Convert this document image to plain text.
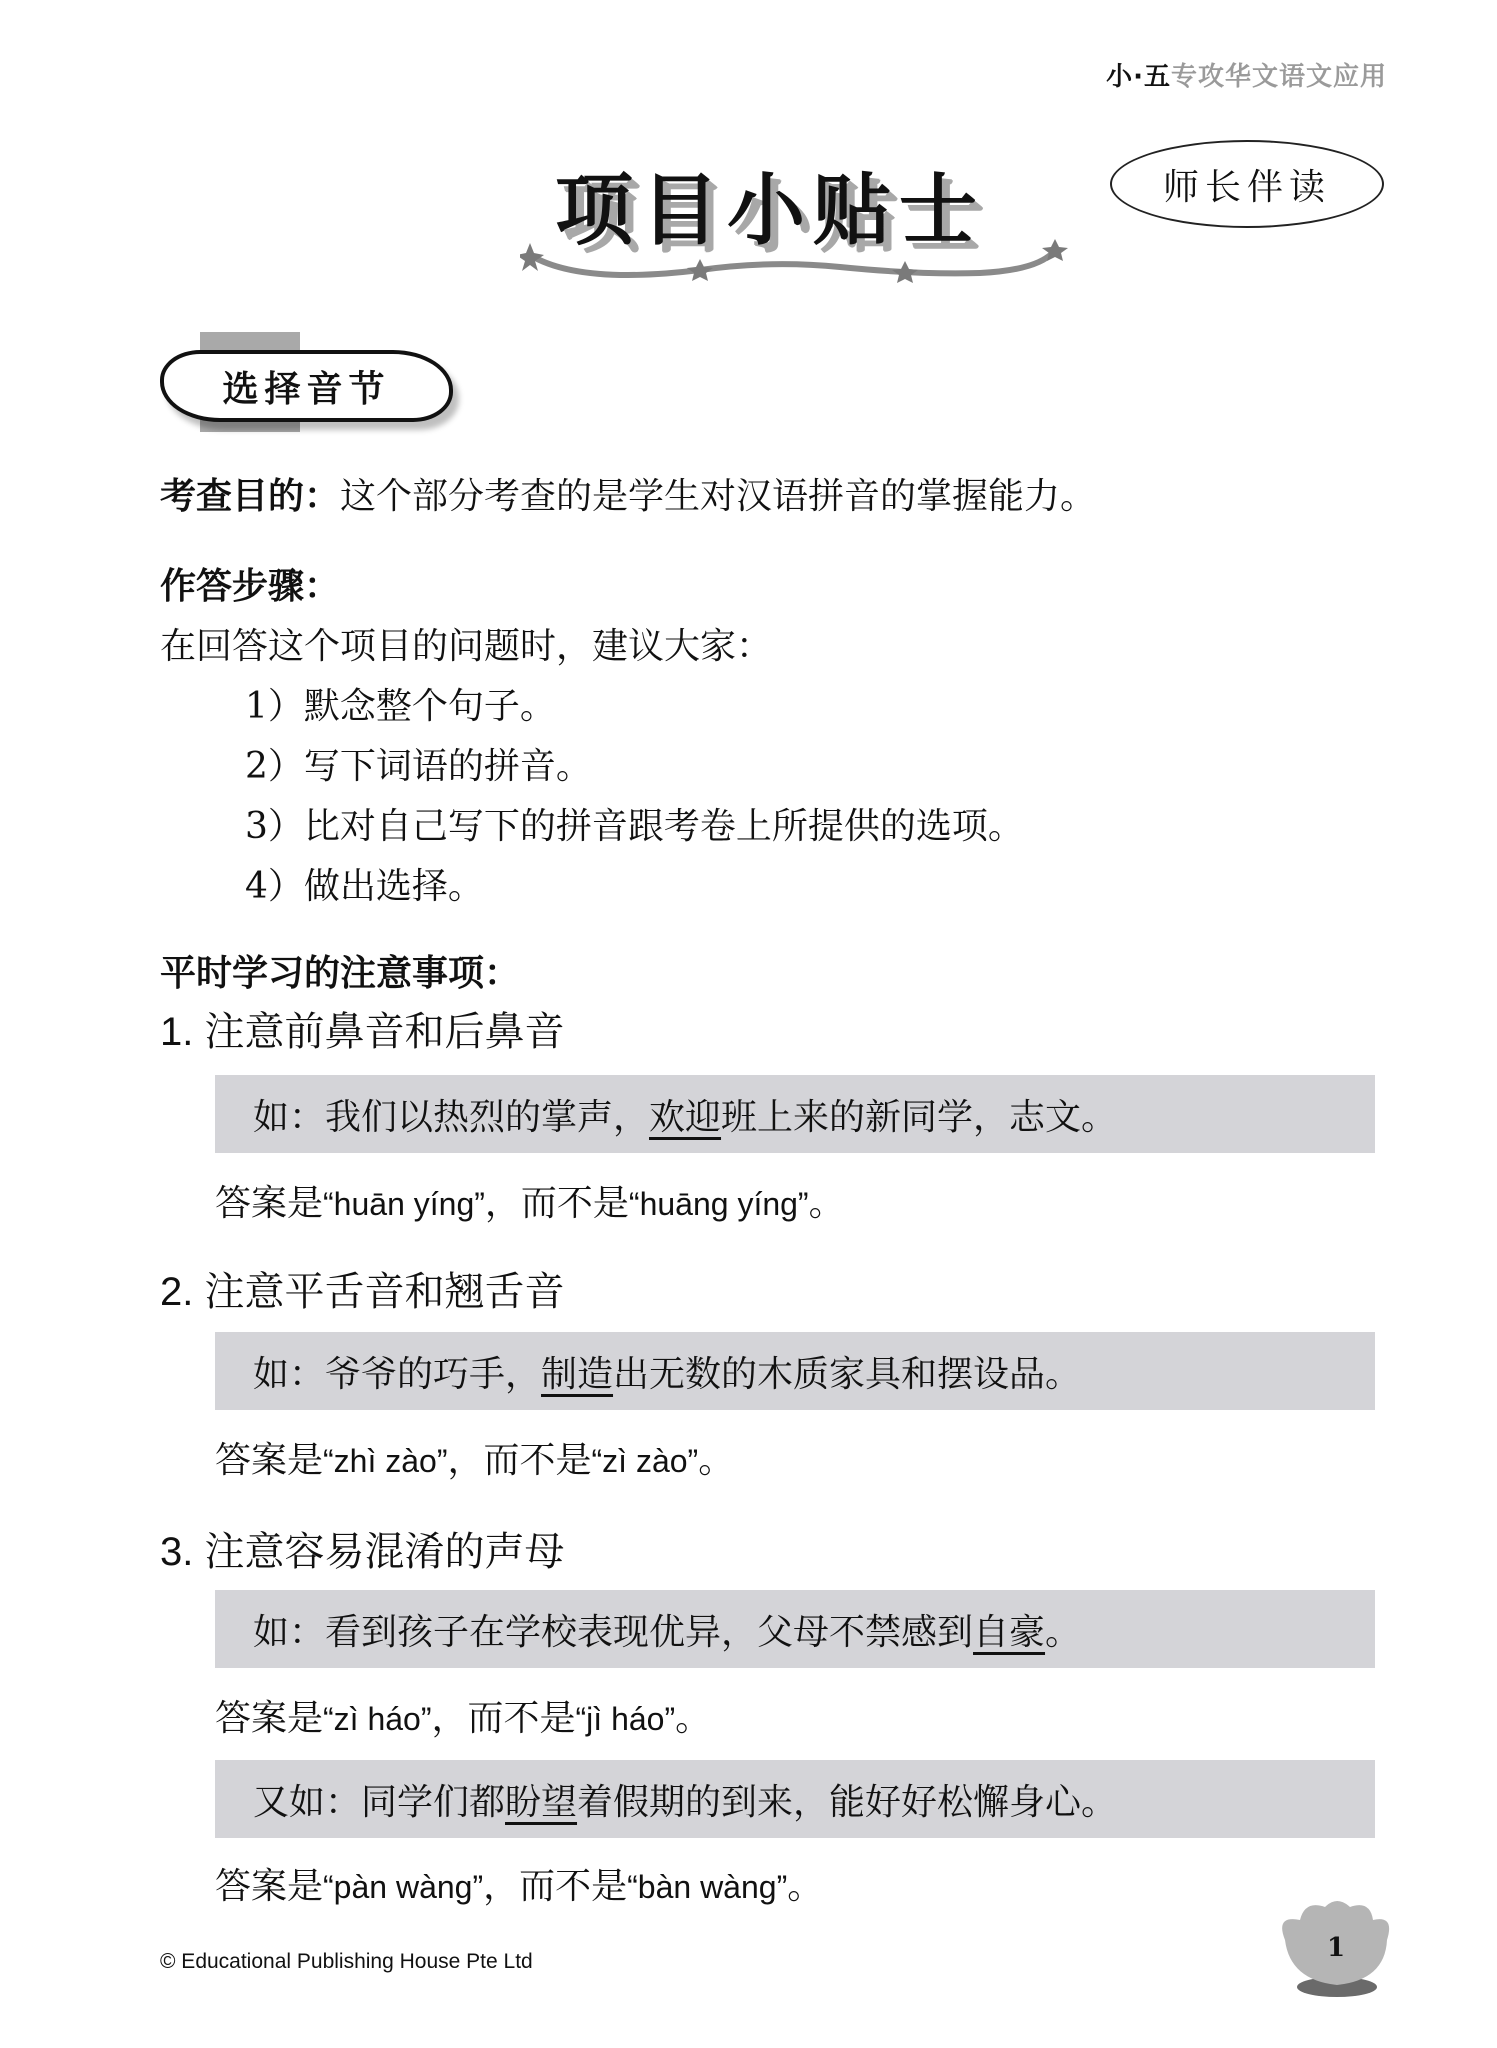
小·五专攻华文语文应用
项目小贴士	师长伴读
选择音节
考查目的：这个部分考查的是学生对汉语拼音的掌握能力。
作答步骤：
在回答这个项目的问题时，建议大家：
1）默念整个句子。
2）写下词语的拼音。
3）比对自己写下的拼音跟考卷上所提供的选项。
4）做出选择。
平时学习的注意事项：
1. 注意前鼻音和后鼻音
如：我们以热烈的掌声， 欢迎 班上来的新同学，志文。
答案是“huān yíng”，而不是“huāng yíng”。
2. 注意平舌音和翘舌音
如：爷爷的巧手， 制造 出无数的木质家具和摆设品。
答案是“zhì zào”，而不是“zì zào”。
3. 注意容易混淆的声母
如：看到孩子在学校表现优异，父母不禁感到 自豪 。
答案是“zì háo”，而不是“jì háo”。
又如：同学们都 盼望 着假期的到来，能好好松懈身心。
答案是“pàn wàng”，而不是“bàn wàng”。
© Educational Publishing House Pte Ltd	1
